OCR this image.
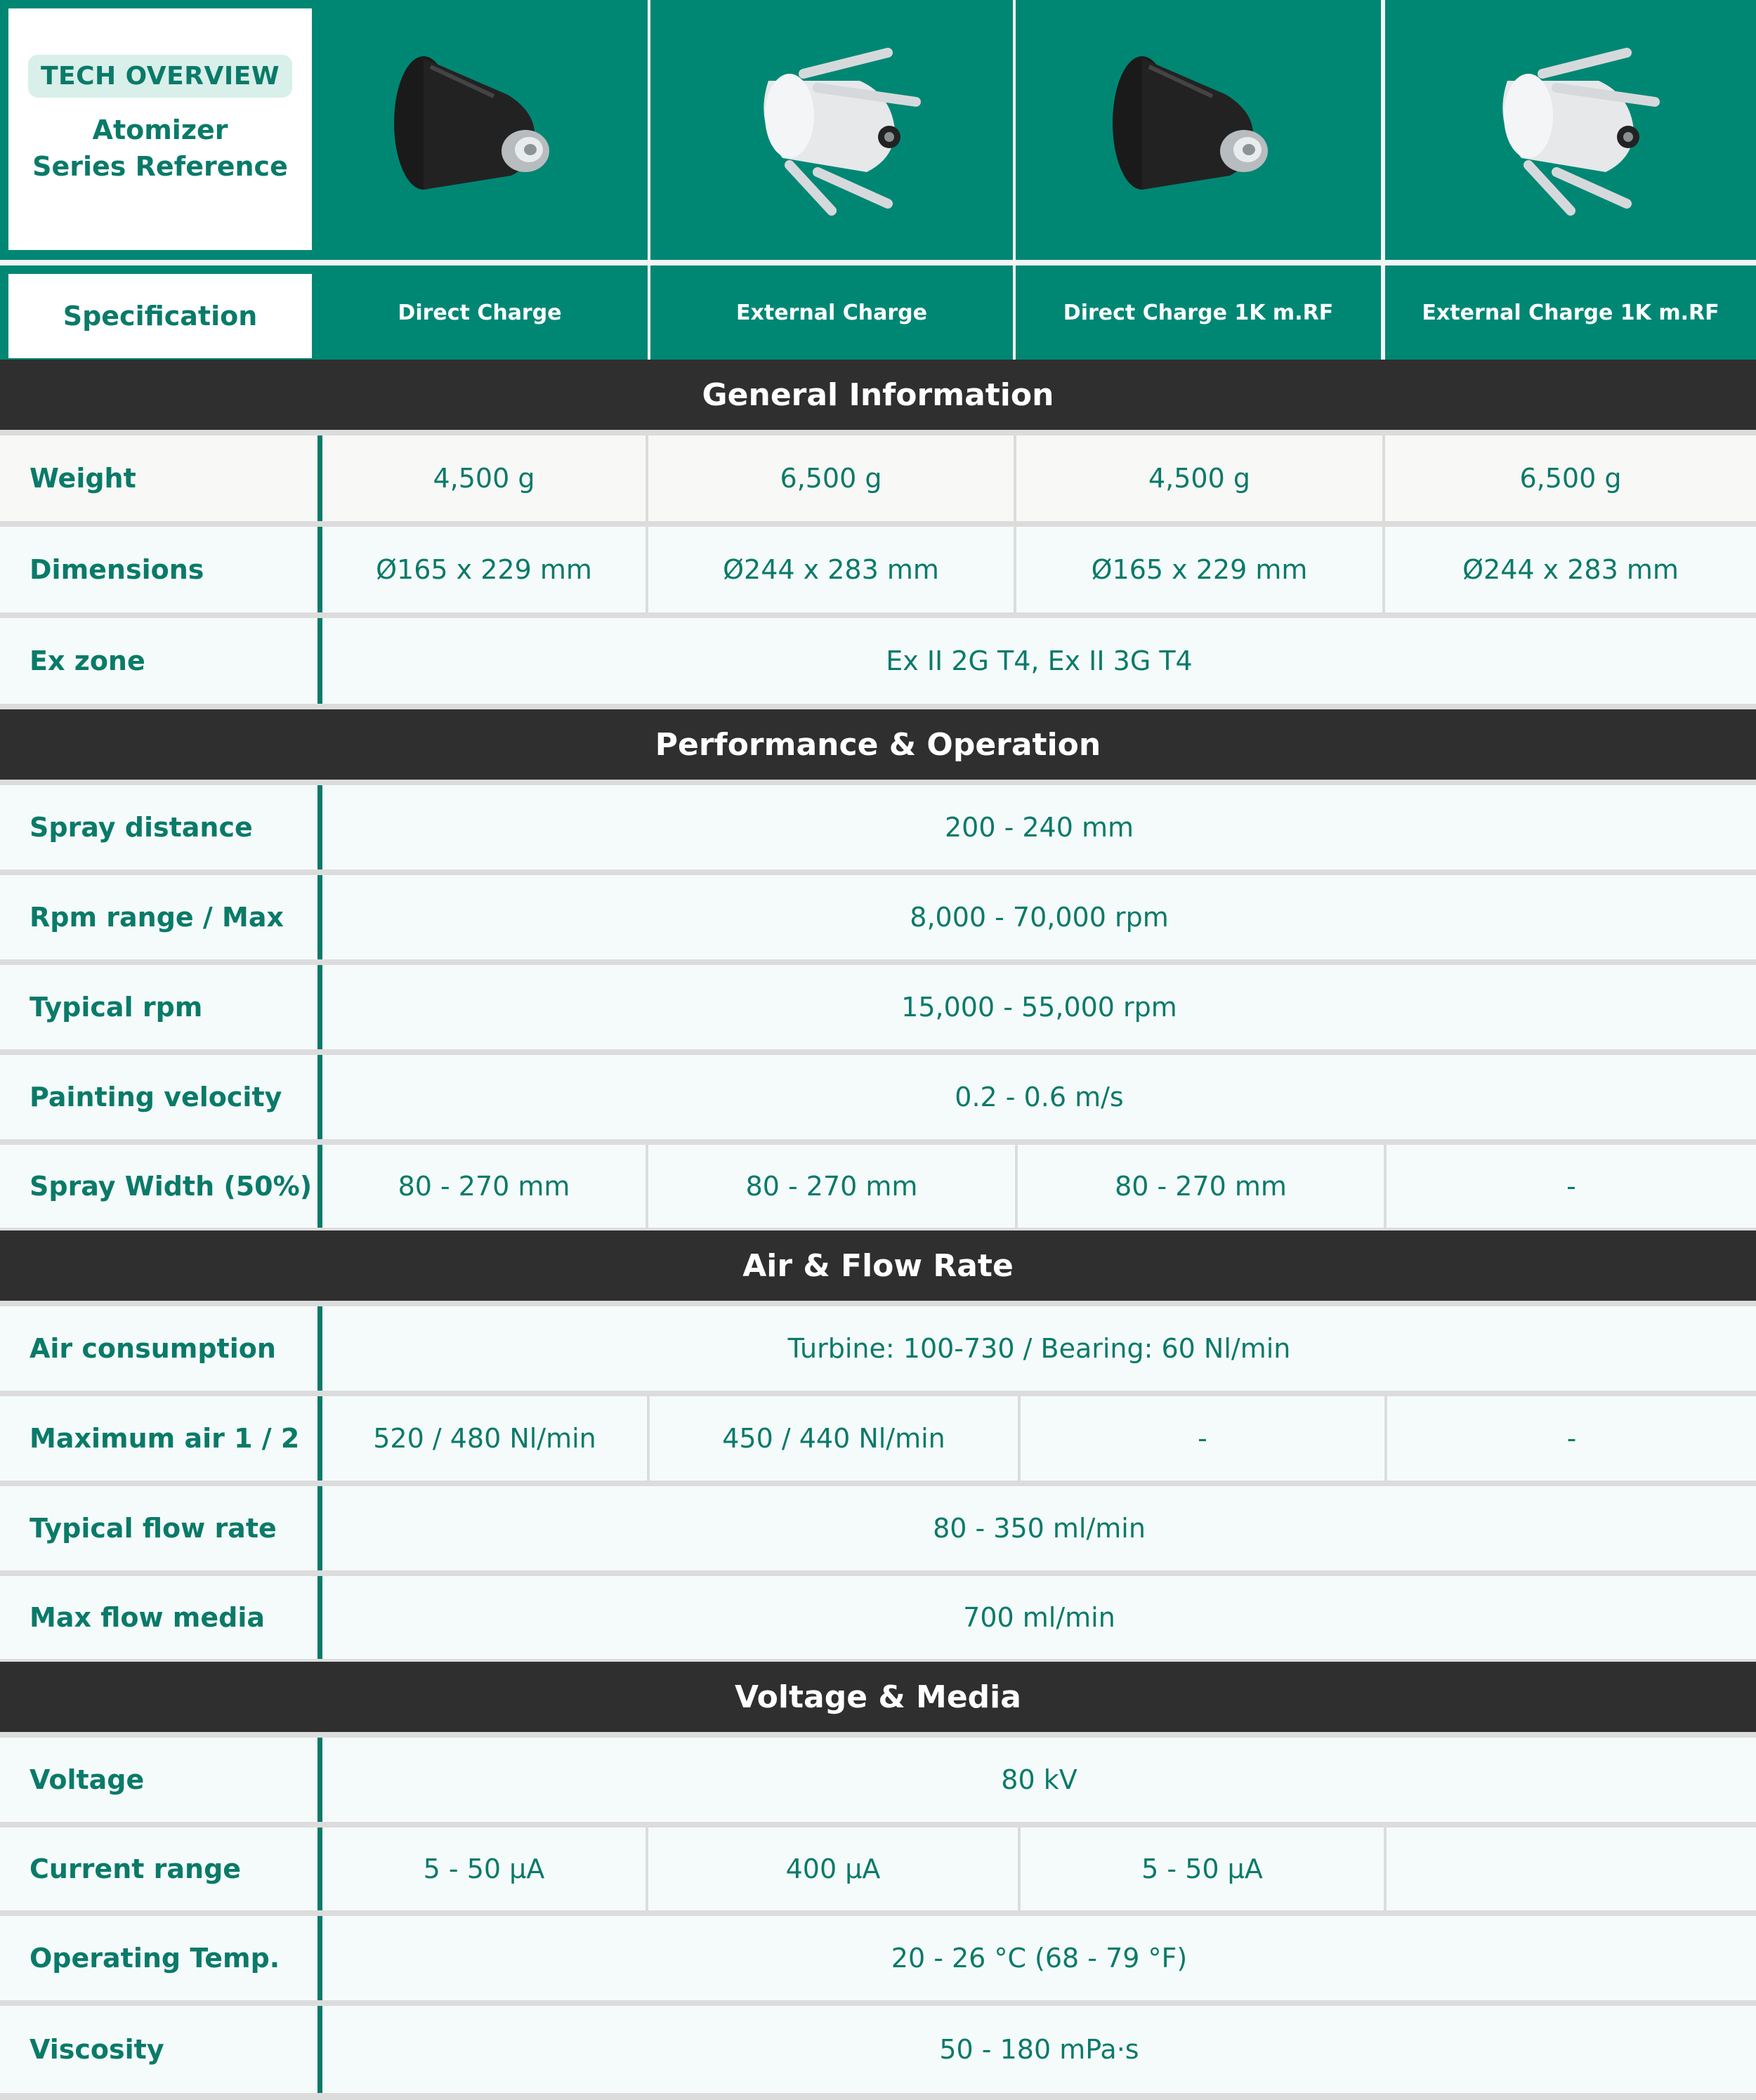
TECH OVERVIEW
Atomizer
Series Reference
Specification	Direct Charge	External Charge	Direct Charge 1K m.RF	External Charge 1K m.RF
General Information
Weight	4,500 g	6,500 g	4,500 g	6,500 g
Dimensions	Ø165 x 229 mm	Ø244 x 283 mm	Ø165 x 229 mm	Ø244 x 283 mm
Ex zone	Ex II 2G T4, Ex II 3G T4
Performance & Operation
Spray distance	200 - 240 mm
Rpm range / Max	8,000 - 70,000 rpm
Typical rpm	15,000 - 55,000 rpm
Painting velocity	0.2 - 0.6 m/s
Spray Width (50%)	80 - 270 mm	80 - 270 mm	80 - 270 mm	-
Air & Flow Rate
Air consumption	Turbine: 100-730 / Bearing: 60 Nl/min
Maximum air 1 / 2	520 / 480 Nl/min	450 / 440 Nl/min	-	-
Typical flow rate	80 - 350 ml/min
Max flow media	700 ml/min
Voltage & Media
Voltage	80 kV
Current range	5 - 50 µA	400 µA	5 - 50 µA
Operating Temp.	20 - 26 °C (68 - 79 °F)
Viscosity	50 - 180 mPa·s
